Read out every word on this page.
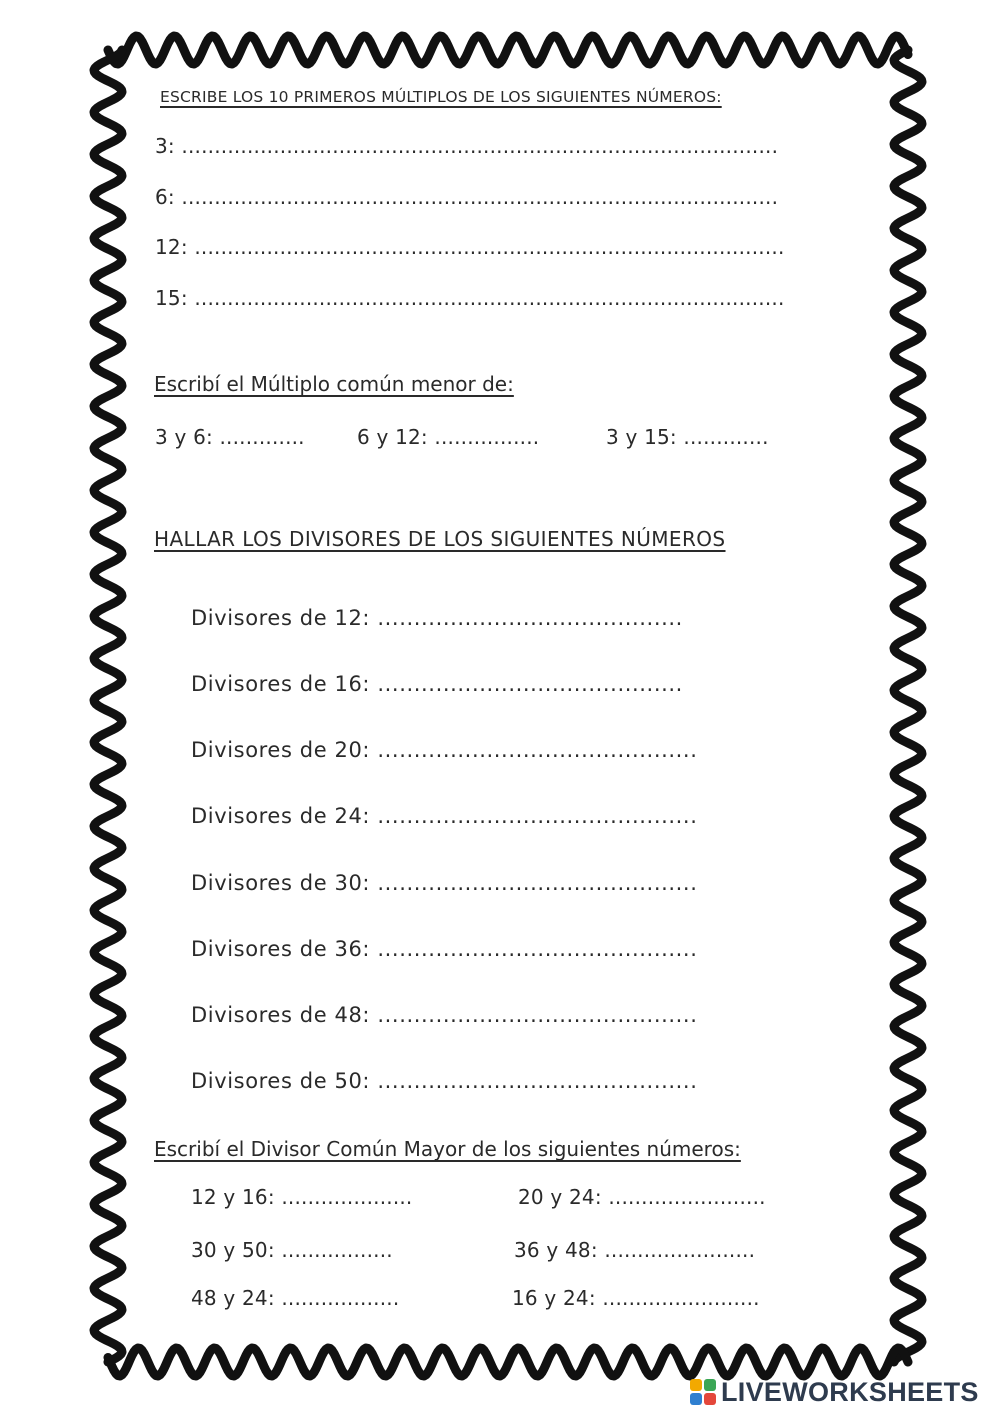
ESCRIBE LOS 10 PRIMEROS MÚLTIPLOS DE LOS SIGUIENTES NÚMEROS:
3: ...........................................................................................
6: ...........................................................................................
12: ..........................................................................................
15: ..........................................................................................
Escribí el Múltiplo común menor de:
3 y 6: .............	6 y 12: ................	3 y 15: .............
HALLAR LOS DIVISORES DE LOS SIGUIENTES NÚMEROS
Divisores de 12: ..........................................
Divisores de 16: ..........................................
Divisores de 20: ............................................
Divisores de 24: ............................................
Divisores de 30: ............................................
Divisores de 36: ............................................
Divisores de 48: ............................................
Divisores de 50: ............................................
Escribí el Divisor Común Mayor de los siguientes números:
12 y 16: ....................	20 y 24: ........................
30 y 50: .................	36 y 48: .......................
48 y 24: ..................	16 y 24: ........................
LIVEWORKSHEETS
